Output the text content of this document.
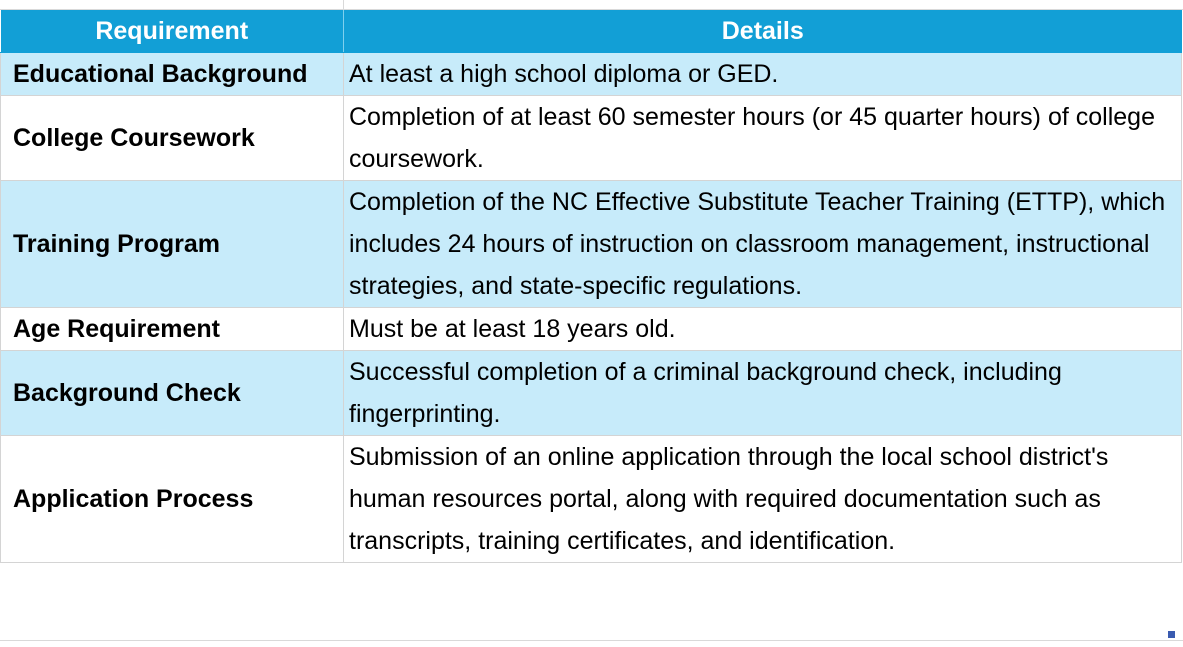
Requirement	Details
Educational Background	At least a high school diploma or GED.
College Coursework	Completion of at least 60 semester hours (or 45 quarter hours) of college coursework.
Training Program	Completion of the NC Effective Substitute Teacher Training (ETTP), which includes 24 hours of instruction on classroom management, instructional strategies, and state-specific regulations.
Age Requirement	Must be at least 18 years old.
Background Check	Successful completion of a criminal background check, including fingerprinting.
Application Process	Submission of an online application through the local school district's human resources portal, along with required documentation such as transcripts, training certificates, and identification.
